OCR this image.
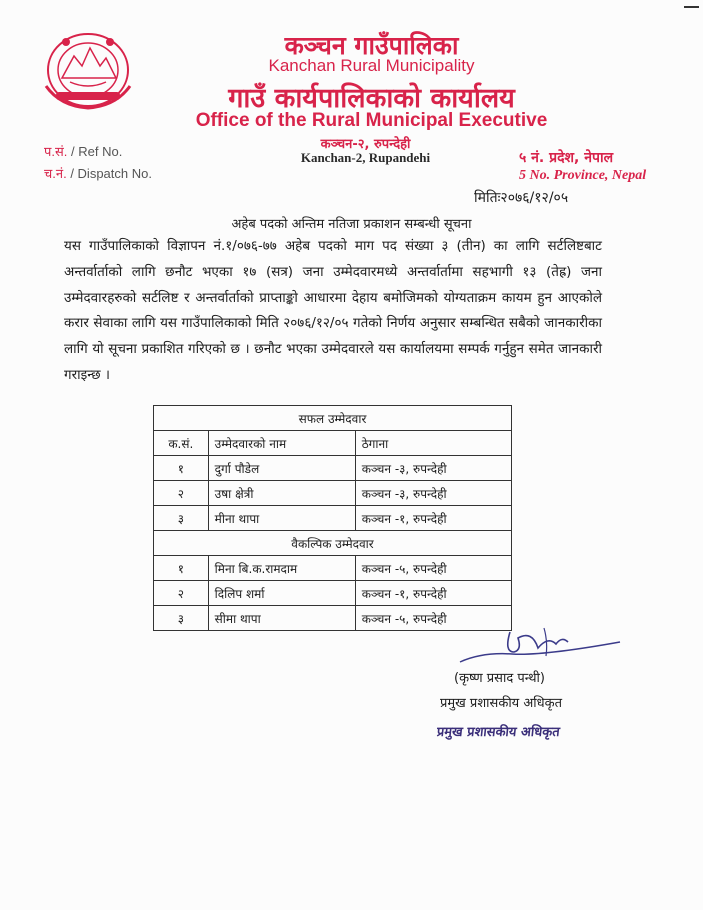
कञ्चन गाउँपालिका
Kanchan Rural Municipality
गाउँ कार्यपालिकाको कार्यालय
Office of the Rural Municipal Executive
कञ्चन-२, रुपन्देही
Kanchan-2, Rupandehi
प.सं. / Ref No.
च.नं. / Dispatch No.
५ नं. प्रदेश, नेपाल
5 No. Province, Nepal
मितिः२०७६/१२/०५
अहेब पदको अन्तिम नतिजा प्रकाशन सम्बन्धी सूचना
यस गाउँपालिकाको विज्ञापन नं.१/०७६-७७ अहेब पदको माग पद संख्या ३ (तीन) का लागि सर्टलिष्टबाट अन्तर्वार्ताको लागि छनौट भएका १७ (सत्र) जना उम्मेदवारमध्ये अन्तर्वार्तामा सहभागी १३ (तेह्र) जना उम्मेदवारहरुको सर्टलिष्ट र अन्तर्वार्ताको प्राप्ताङ्को आधारमा देहाय बमोजिमको योग्यताक्रम कायम हुन आएकोले करार सेवाका लागि यस गाउँपालिकाको मिति २०७६/१२/०५ गतेको निर्णय अनुसार सम्बन्धित सबैको जानकारीका लागि यो सूचना प्रकाशित गरिएको छ । छनौट भएका उम्मेदवारले यस कार्यालयमा सम्पर्क गर्नुहुन समेत जानकारी गराइन्छ ।
सफल उम्मेदवार		
क.सं.	उम्मेदवारको नाम	ठेगाना
१	दुर्गा पौडेल	कञ्चन -३, रुपन्देही
२	उषा क्षेत्री	कञ्चन -३, रुपन्देही
३	मीना थापा	कञ्चन -१, रुपन्देही
वैकल्पिक उम्मेदवार		
१	मिना बि.क.रामदाम	कञ्चन -५, रुपन्देही
२	दिलिप शर्मा	कञ्चन -१, रुपन्देही
३	सीमा थापा	कञ्चन -५, रुपन्देही
(कृष्ण प्रसाद पन्थी)
प्रमुख प्रशासकीय अधिकृत
प्रमुख प्रशासकीय अधिकृत
